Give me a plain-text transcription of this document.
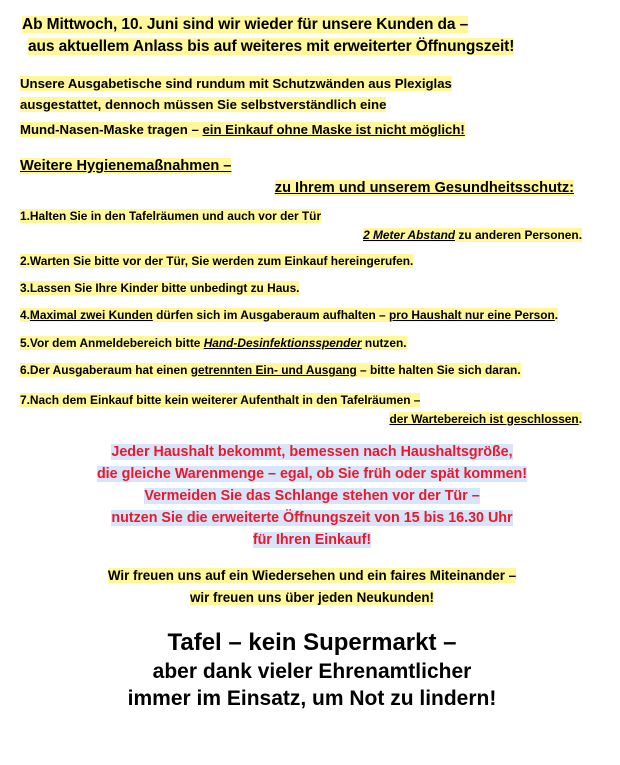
Ab Mittwoch, 10. Juni sind wir wieder für unsere Kunden da –
aus aktuellem Anlass bis auf weiteres mit erweiterter Öffnungszeit!
Unsere Ausgabetische sind rundum mit Schutzwänden aus Plexiglas
ausgestattet, dennoch müssen Sie selbstverständlich eine
Mund-Nasen-Maske tragen – ein Einkauf ohne Maske ist nicht möglich!
Weitere Hygienemaßnahmen –
zu Ihrem und unserem Gesundheitsschutz:
1.Halten Sie in den Tafelräumen und auch vor der Tür
2 Meter Abstand zu anderen Personen.
2.Warten Sie bitte vor der Tür, Sie werden zum Einkauf hereingerufen.
3.Lassen Sie Ihre Kinder bitte unbedingt zu Haus.
4.Maximal zwei Kunden dürfen sich im Ausgaberaum aufhalten – pro Haushalt nur eine Person.
5.Vor dem Anmeldebereich bitte Hand-Desinfektionsspender nutzen.
6.Der Ausgaberaum hat einen getrennten Ein- und Ausgang – bitte halten Sie sich daran.
7.Nach dem Einkauf bitte kein weiterer Aufenthalt in den Tafelräumen –
der Wartebereich ist geschlossen.
Jeder Haushalt bekommt, bemessen nach Haushaltsgröße,
die gleiche Warenmenge – egal, ob Sie früh oder spät kommen!
Vermeiden Sie das Schlange stehen vor der Tür –
nutzen Sie die erweiterte Öffnungszeit von 15 bis 16.30 Uhr
für Ihren Einkauf!
Wir freuen uns auf ein Wiedersehen und ein faires Miteinander –
wir freuen uns über jeden Neukunden!
Tafel – kein Supermarkt –
aber dank vieler Ehrenamtlicher
immer im Einsatz, um Not zu lindern!
